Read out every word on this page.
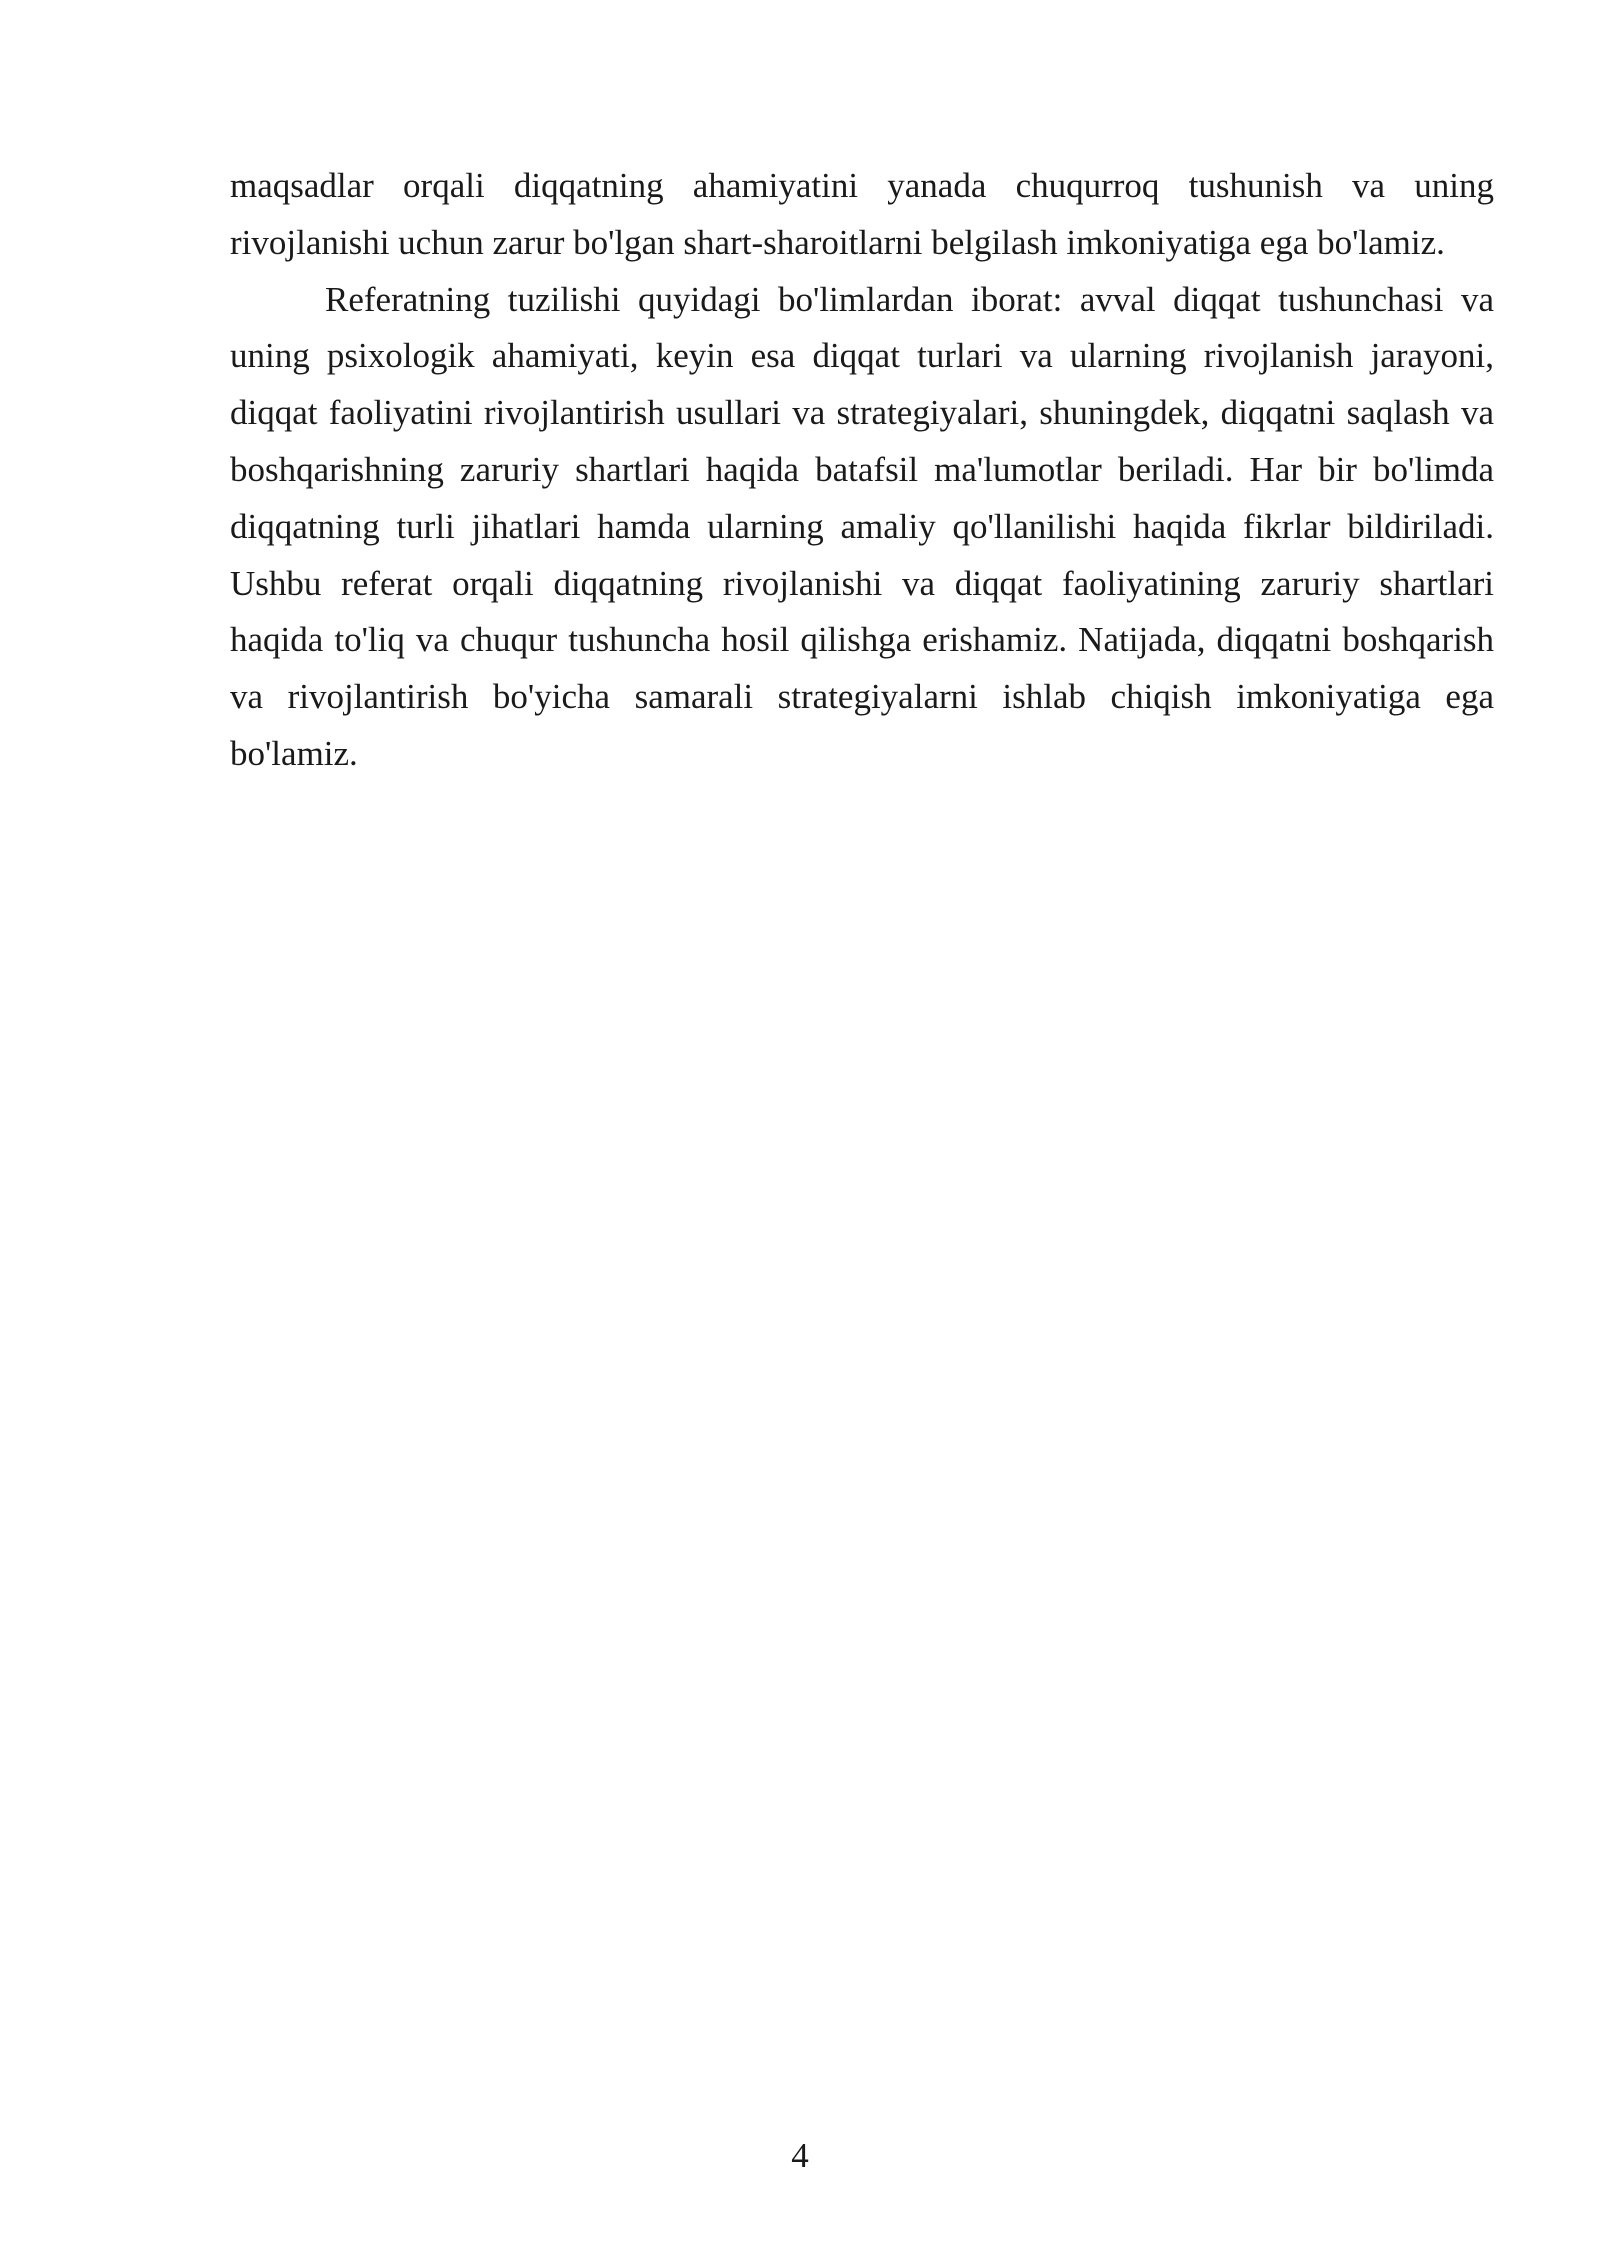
maqsadlar orqali diqqatning ahamiyatini yanada chuqurroq tushunish va uning rivojlanishi uchun zarur bo'lgan shart-sharoitlarni belgilash imkoniyatiga ega bo'lamiz.

Referatning tuzilishi quyidagi bo'limlardan iborat: avval diqqat tushunchasi va uning psixologik ahamiyati, keyin esa diqqat turlari va ularning rivojlanish jarayoni, diqqat faoliyatini rivojlantirish usullari va strategiyalari, shuningdek, diqqatni saqlash va boshqarishning zaruriy shartlari haqida batafsil ma'lumotlar beriladi. Har bir bo'limda diqqatning turli jihatlari hamda ularning amaliy qo'llanilishi haqida fikrlar bildiriladi. Ushbu referat orqali diqqatning rivojlanishi va diqqat faoliyatining zaruriy shartlari haqida to'liq va chuqur tushuncha hosil qilishga erishamiz. Natijada, diqqatni boshqarish va rivojlantirish bo'yicha samarali strategiyalarni ishlab chiqish imkoniyatiga ega bo'lamiz.

4
